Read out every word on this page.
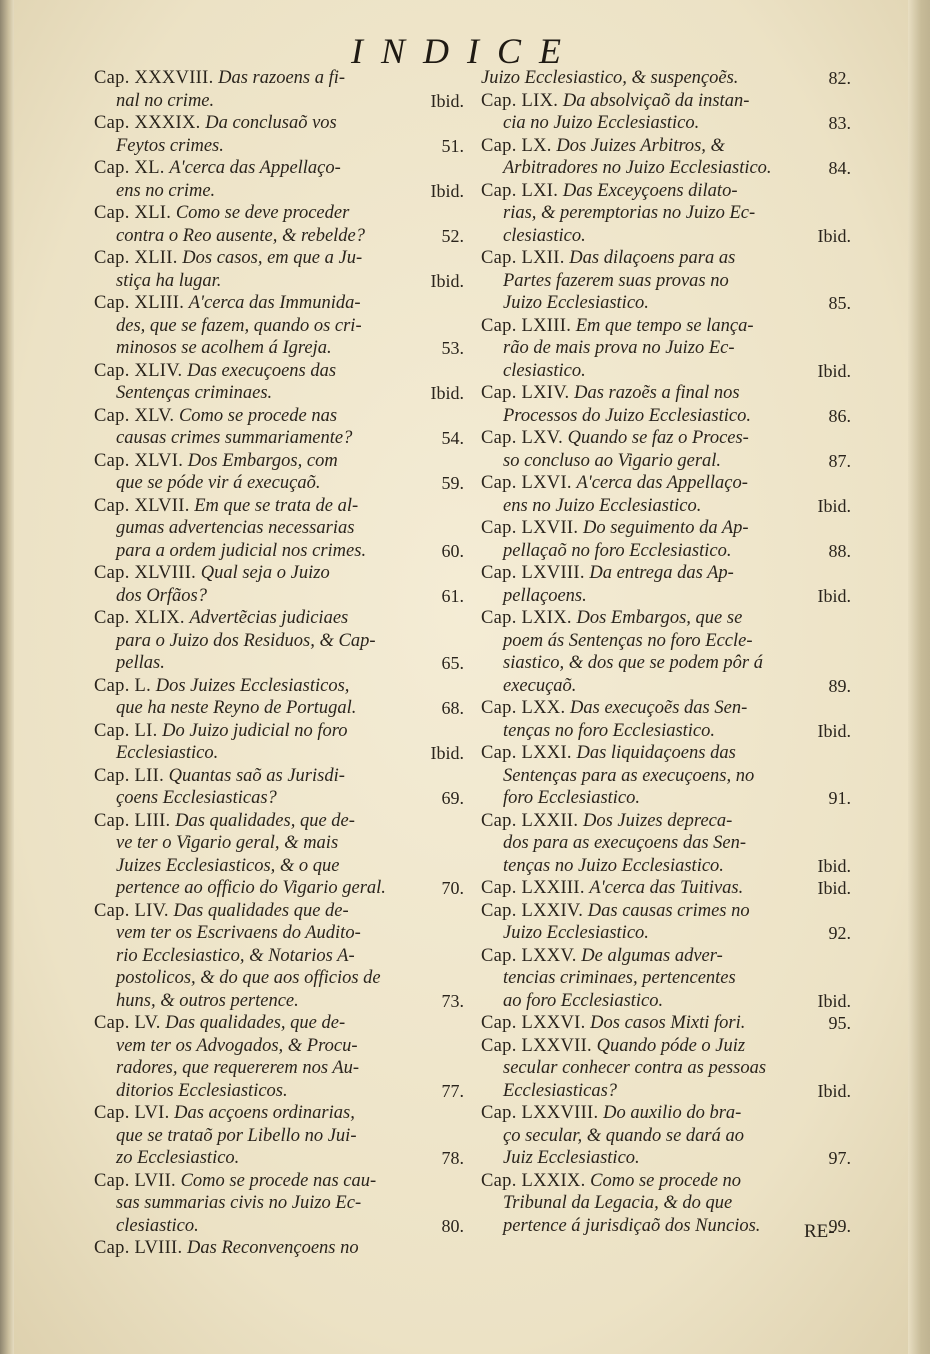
INDICE
Cap. XXXVIII. Das razoens a fi-
nal no crime.	Ibid.
Cap. XXXIX. Da conclusaõ vos
Feytos crimes.	51.
Cap. XL. A'cerca das Appellaço-
ens no crime.	Ibid.
Cap. XLI. Como se deve proceder
contra o Reo ausente, & rebelde?	52.
Cap. XLII. Dos casos, em que a Ju-
stiça ha lugar.	Ibid.
Cap. XLIII. A'cerca das Immunida-
des, que se fazem, quando os cri-
minosos se acolhem á Igreja.	53.
Cap. XLIV. Das execuçoens das
Sentenças criminaes.	Ibid.
Cap. XLV. Como se procede nas
causas crimes summariamente?	54.
Cap. XLVI. Dos Embargos, com
que se póde vir á execuçaõ.	59.
Cap. XLVII. Em que se trata de al-
gumas advertencias necessarias
para a ordem judicial nos crimes.	60.
Cap. XLVIII. Qual seja o Juizo
dos Orfãos?	61.
Cap. XLIX. Advertẽcias judiciaes
para o Juizo dos Residuos, & Cap-
pellas.	65.
Cap. L. Dos Juizes Ecclesiasticos,
que ha neste Reyno de Portugal.	68.
Cap. LI. Do Juizo judicial no foro
Ecclesiastico.	Ibid.
Cap. LII. Quantas saõ as Jurisdi-
çoens Ecclesiasticas?	69.
Cap. LIII. Das qualidades, que de-
ve ter o Vigario geral, & mais
Juizes Ecclesiasticos, & o que
pertence ao officio do Vigario geral.	70.
Cap. LIV. Das qualidades que de-
vem ter os Escrivaens do Audito-
rio Ecclesiastico, & Notarios A-
postolicos, & do que aos officios de
huns, & outros pertence.	73.
Cap. LV. Das qualidades, que de-
vem ter os Advogados, & Procu-
radores, que requererem nos Au-
ditorios Ecclesiasticos.	77.
Cap. LVI. Das acçoens ordinarias,
que se trataõ por Libello no Jui-
zo Ecclesiastico.	78.
Cap. LVII. Como se procede nas cau-
sas summarias civis no Juizo Ec-
clesiastico.	80.
Cap. LVIII. Das Reconvençoens no
Juizo Ecclesiastico, & suspençoẽs.	82.
Cap. LIX. Da absolviçaõ da instan-
cia no Juizo Ecclesiastico.	83.
Cap. LX. Dos Juizes Arbitros, &
Arbitradores no Juizo Ecclesiastico.	84.
Cap. LXI. Das Exceyçoens dilato-
rias, & peremptorias no Juizo Ec-
clesiastico.	Ibid.
Cap. LXII. Das dilaçoens para as
Partes fazerem suas provas no
Juizo Ecclesiastico.	85.
Cap. LXIII. Em que tempo se lança-
rão de mais prova no Juizo Ec-
clesiastico.	Ibid.
Cap. LXIV. Das razoẽs a final nos
Processos do Juizo Ecclesiastico.	86.
Cap. LXV. Quando se faz o Proces-
so concluso ao Vigario geral.	87.
Cap. LXVI. A'cerca das Appellaço-
ens no Juizo Ecclesiastico.	Ibid.
Cap. LXVII. Do seguimento da Ap-
pellaçaõ no foro Ecclesiastico.	88.
Cap. LXVIII. Da entrega das Ap-
pellaçoens.	Ibid.
Cap. LXIX. Dos Embargos, que se
poem ás Sentenças no foro Eccle-
siastico, & dos que se podem pôr á
execuçaõ.	89.
Cap. LXX. Das execuçoẽs das Sen-
tenças no foro Ecclesiastico.	Ibid.
Cap. LXXI. Das liquidaçoens das
Sentenças para as execuçoens, no
foro Ecclesiastico.	91.
Cap. LXXII. Dos Juizes depreca-
dos para as execuçoens das Sen-
tenças no Juizo Ecclesiastico.	Ibid.
Cap. LXXIII. A'cerca das Tuitivas.	Ibid.
Cap. LXXIV. Das causas crimes no
Juizo Ecclesiastico.	92.
Cap. LXXV. De algumas adver-
tencias criminaes, pertencentes
ao foro Ecclesiastico.	Ibid.
Cap. LXXVI. Dos casos Mixti fori.	95.
Cap. LXXVII. Quando póde o Juiz
secular conhecer contra as pessoas
Ecclesiasticas?	Ibid.
Cap. LXXVIII. Do auxilio do bra-
ço secular, & quando se dará ao
Juiz Ecclesiastico.	97.
Cap. LXXIX. Como se procede no
Tribunal da Legacia, & do que
pertence á jurisdiçaõ dos Nuncios.	99.
RE-
